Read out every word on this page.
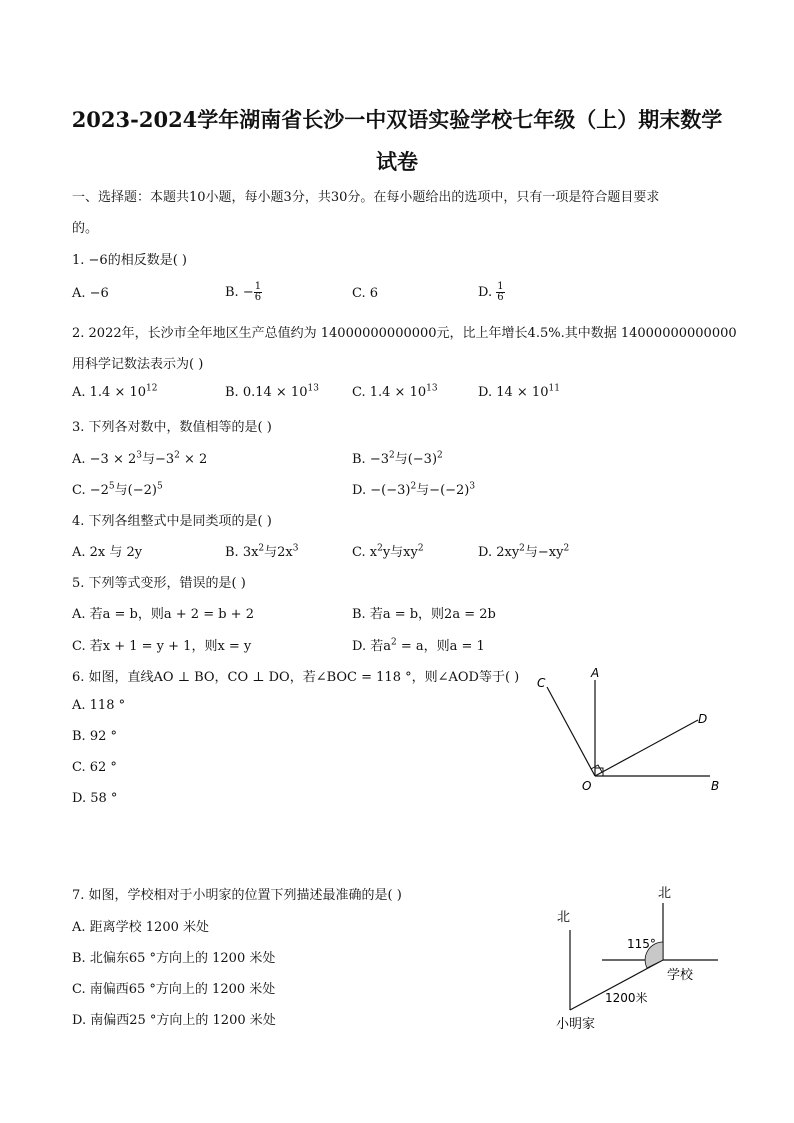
2023-2024学年湖南省长沙一中双语实验学校七年级（上）期末数学
试卷
一、选择题：本题共10小题，每小题3分，共30分。在每小题给出的选项中，只有一项是符合题目要求
的。
1. −6的相反数是( )
A. −6	B. − $\frac{1}{6}$	C. 6	D. $\frac{1}{6}$
2. 2022年，长沙市全年地区生产总值约为 14000000000000元，比上年增长4.5%.其中数据 14000000000000
用科学记数法表示为( )
A. $1.4 \times 10^{12}$	B. $0.14 \times 10^{13}$	C. $1.4 \times 10^{13}$	D. $14 \times 10^{11}$
3. 下列各对数中，数值相等的是( )
A. $-3 \times 2^3$与$-3^2 \times 2$	B. $-3^2$与$(-3)^2$
C. $-2^5$与$(-2)^5$	D. $-(-3)^2$与$-(-2)^3$
4. 下列各组整式中是同类项的是( )
A. 2x 与 2y	B. $3x^2$与$2x^3$	C. $x^2y$与$xy^2$	D. $2xy^2$与$-xy^2$
5. 下列等式变形，错误的是( )
A. 若a = b，则a + 2 = b + 2	B. 若a = b，则2a = 2b
C. 若x + 1 = y + 1，则x = y	D. 若$a^2 = a$，则a = 1
6. 如图，直线AO ⊥ BO，CO ⊥ DO，若∠BOC = 118 °，则∠AOD等于( )
A. 118 °
B. 92 °
C. 62 °
D. 58 °
A
B
C
D
O
7. 如图，学校相对于小明家的位置下列描述最准确的是( )
A. 距离学校 1200 米处
B. 北偏东65 °方向上的 1200 米处
C. 南偏西65 °方向上的 1200 米处
D. 南偏西25 °方向上的 1200 米处
北
北
115°
学校
1200米
小明家
